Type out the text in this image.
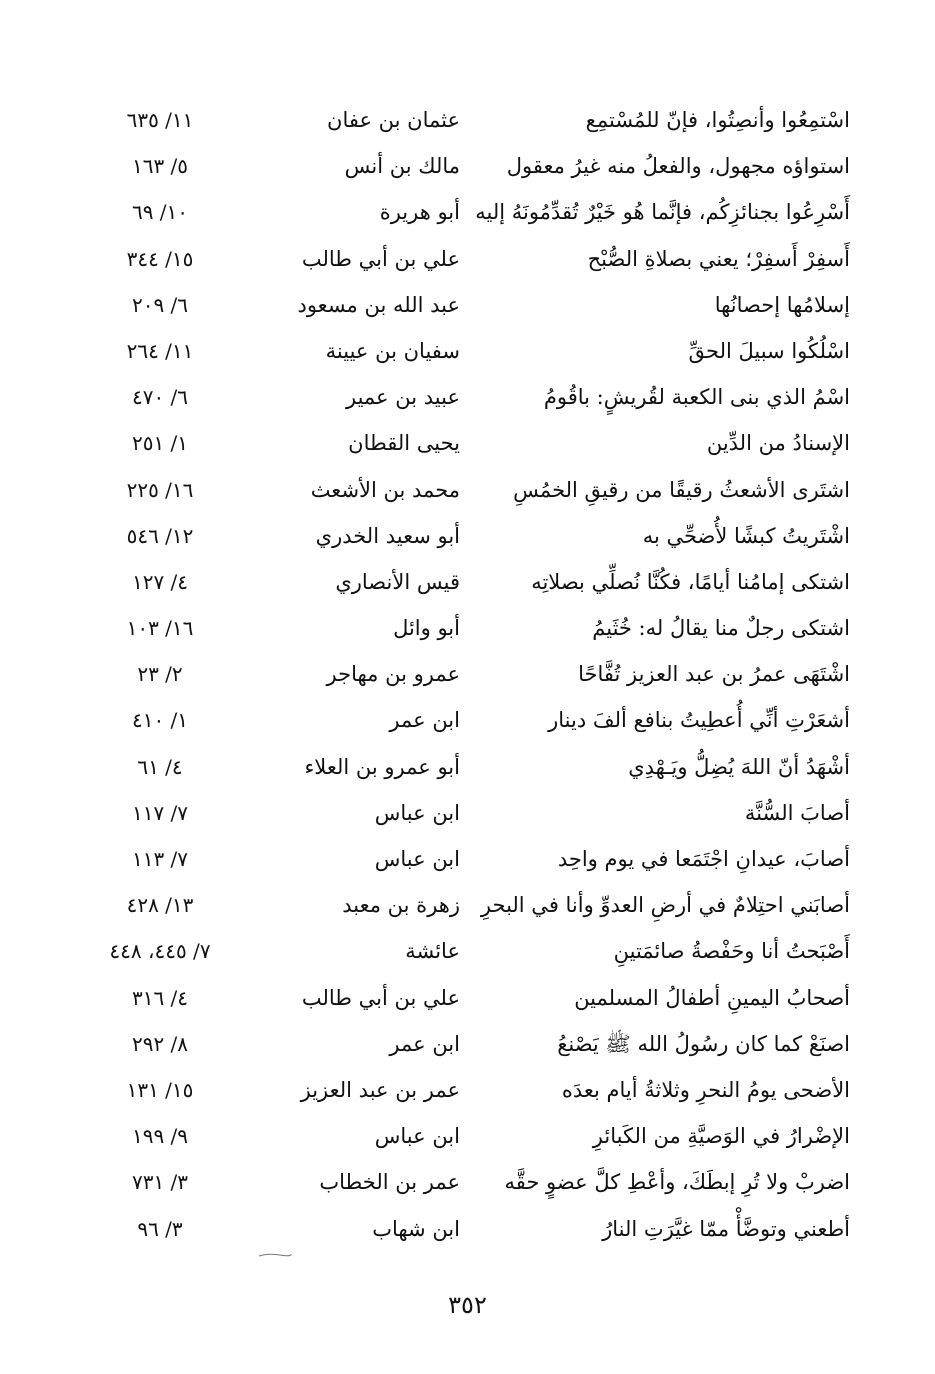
اسْتمِعُوا وأنصِتُوا، فإنّ للمُسْتمِع
عثمان بن عفان
١١/ ٦٣٥
استواؤه مجهول، والفعلُ منه غيرُ معقول
مالك بن أنس
٥/ ١٦٣
أَسْرِعُوا بجنائزِكُم، فإنَّما هُو خَيْرٌ تُقدِّمُونَهُ إليه
أبو هريرة
١٠/ ٦٩
أَسفِرْ أَسفِرْ؛ يعني بصلاةِ الصُّبْح
علي بن أبي طالب
١٥/ ٣٤٤
إسلامُها إحصانُها
عبد الله بن مسعود
٦/ ٢٠٩
اسْلُكُوا سبيلَ الحقِّ
سفيان بن عيينة
١١/ ٢٦٤
اسْمُ الذي بنى الكعبة لقُريشٍ: باقُومُ
عبيد بن عمير
٦/ ٤٧٠
الإسنادُ من الدِّين
يحيى القطان
١/ ٢٥١
اشتَرى الأشعثُ رقيقًا من رقيقِ الخمُسِ
محمد بن الأشعث
١٦/ ٢٢٥
اشْتَريتُ كبشًا لأُضحِّي به
أبو سعيد الخدري
١٢/ ٥٤٦
اشتكى إمامُنا أيامًا، فكُنَّا نُصلِّي بصلاتِه
قيس الأنصاري
٤/ ١٢٧
اشتكى رجلٌ منا يقالُ له: خُثَيمُ
أبو وائل
١٦/ ١٠٣
اشْتَهَى عمرُ بن عبد العزيز تُفَّاحًا
عمرو بن مهاجر
٢/ ٢٣
أشعَرْتِ أنِّي أُعطِيتُ بنافع ألفَ دينار
ابن عمر
١/ ٤١٠
أشْهَدُ أنّ اللهَ يُضِلُّ ويَـهْدِي
أبو عمرو بن العلاء
٤/ ٦١
أصابَ السُّنَّة
ابن عباس
٧/ ١١٧
أصابَ، عيدانِ اجْتَمَعا في يوم واحِد
ابن عباس
٧/ ١١٣
أصابَني احتِلامٌ في أرضِ العدوِّ وأنا في البحرِ
زهرة بن معبد
١٣/ ٤٢٨
أَصْبَحتُ أنا وحَفْصةُ صائمَتينِ
عائشة
٧/ ٤٤٥، ٤٤٨
أصحابُ اليمينِ أطفالُ المسلمين
علي بن أبي طالب
٤/ ٣١٦
اصنَعْ كما كان رسُولُ الله ﷺ يَصْنعُ
ابن عمر
٨/ ٢٩٢
الأضحى يومُ النحرِ وثلاثةُ أيام بعدَه
عمر بن عبد العزيز
١٥/ ١٣١
الإضْرارُ في الوَصيَّةِ من الكَبائرِ
ابن عباس
٩/ ١٩٩
اضربْ ولا تُرِ إبطَكَ، وأعْطِ كلَّ عضوٍ حقَّه
عمر بن الخطاب
٣/ ٧٣١
أطعني وتوضَّأْ ممّا غيَّرَتِ النارُ
ابن شهاب
٣/ ٩٦
٣٥٢
